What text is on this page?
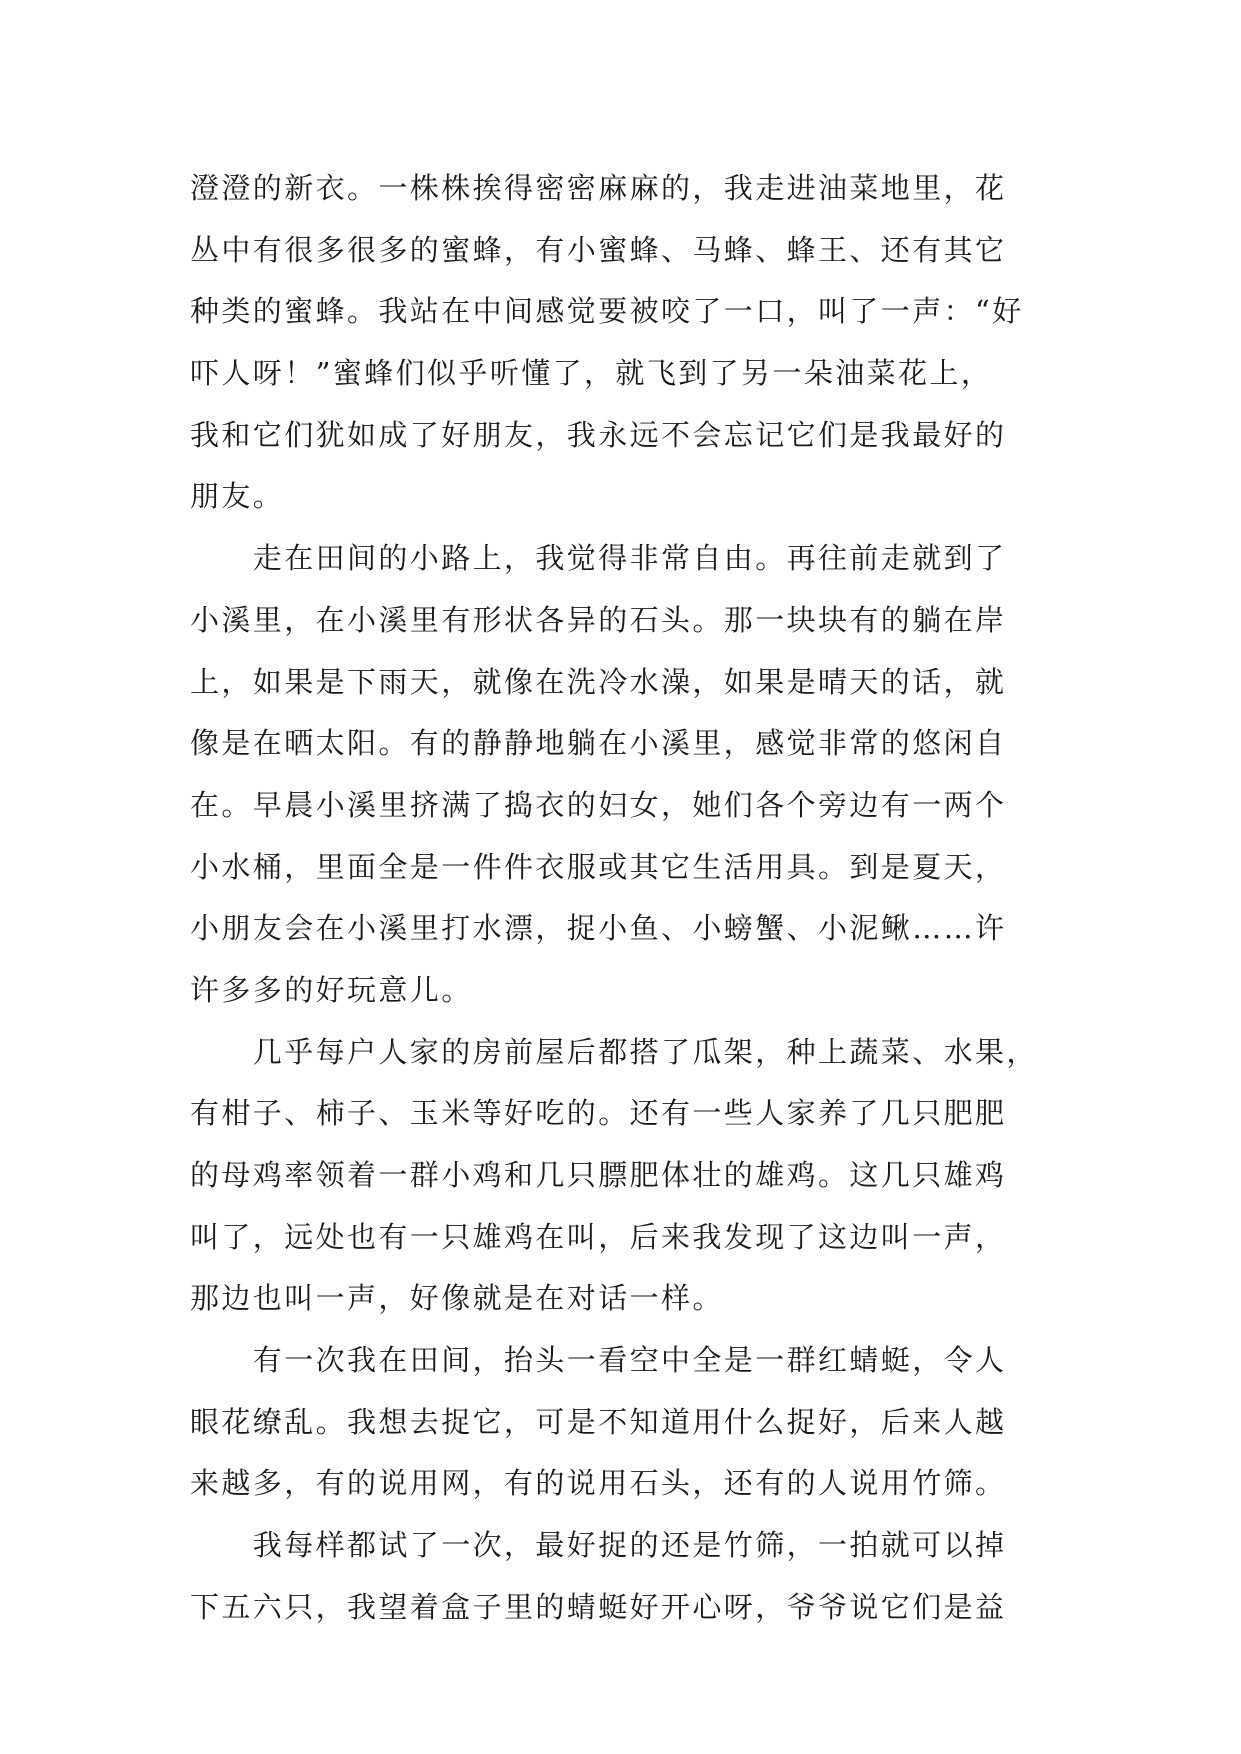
澄澄的新衣。一株株挨得密密麻麻的，我走进油菜地里，花
丛中有很多很多的蜜蜂，有小蜜蜂、马蜂、蜂王、还有其它
种类的蜜蜂。我站在中间感觉要被咬了一口，叫了一声：“好
吓人呀！”蜜蜂们似乎听懂了，就飞到了另一朵油菜花上，
我和它们犹如成了好朋友，我永远不会忘记它们是我最好的
朋友。
　　走在田间的小路上，我觉得非常自由。再往前走就到了
小溪里，在小溪里有形状各异的石头。那一块块有的躺在岸
上，如果是下雨天，就像在洗冷水澡，如果是晴天的话，就
像是在晒太阳。有的静静地躺在小溪里，感觉非常的悠闲自
在。早晨小溪里挤满了捣衣的妇女，她们各个旁边有一两个
小水桶，里面全是一件件衣服或其它生活用具。到是夏天，
小朋友会在小溪里打水漂，捉小鱼、小螃蟹、小泥鳅……许
许多多的好玩意儿。
　　几乎每户人家的房前屋后都搭了瓜架，种上蔬菜、水果，
有柑子、柿子、玉米等好吃的。还有一些人家养了几只肥肥
的母鸡率领着一群小鸡和几只膘肥体壮的雄鸡。这几只雄鸡
叫了，远处也有一只雄鸡在叫，后来我发现了这边叫一声，
那边也叫一声，好像就是在对话一样。
　　有一次我在田间，抬头一看空中全是一群红蜻蜓，令人
眼花缭乱。我想去捉它，可是不知道用什么捉好，后来人越
来越多，有的说用网，有的说用石头，还有的人说用竹筛。
　　我每样都试了一次，最好捉的还是竹筛，一拍就可以掉
下五六只，我望着盒子里的蜻蜓好开心呀，爷爷说它们是益
